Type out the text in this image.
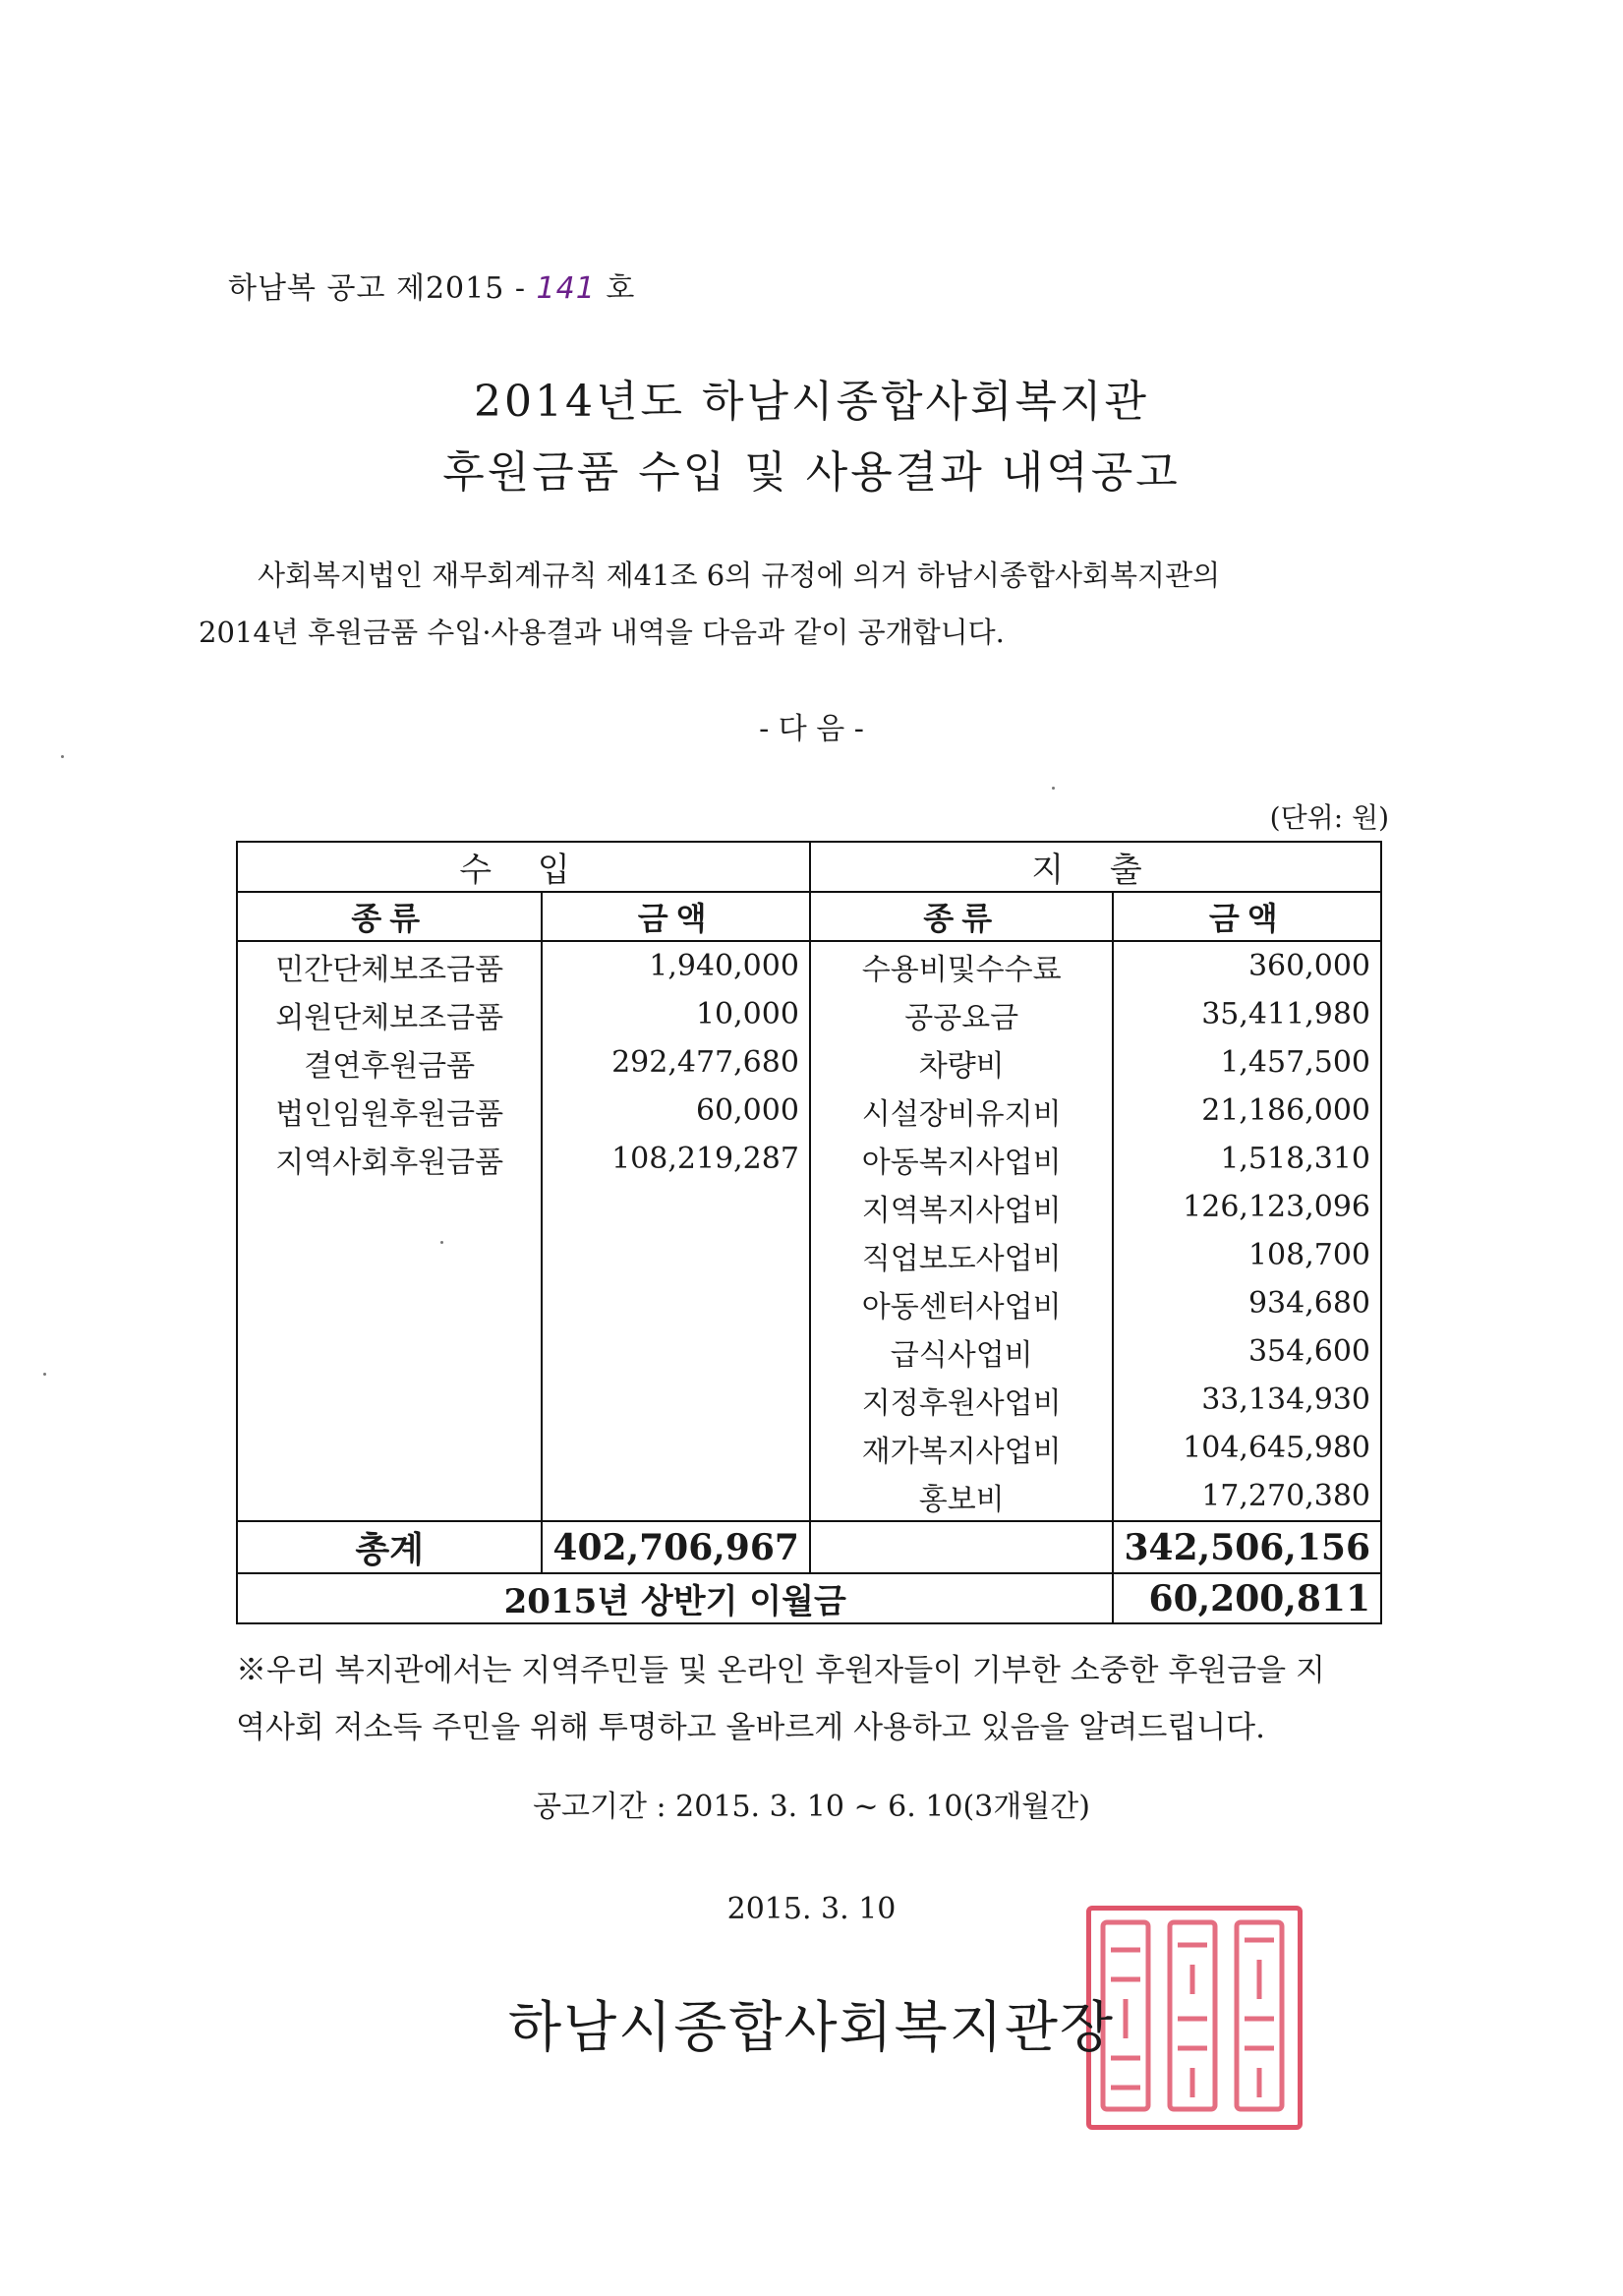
하남복 공고 제2015 - 141 호
2014년도 하남시종합사회복지관
후원금품 수입 및 사용결과 내역공고
사회복지법인 재무회계규칙 제41조 6의 규정에 의거 하남시종합사회복지관의
2014년 후원금품 수입·사용결과 내역을 다음과 같이 공개합니다.
- 다 음 -
(단위: 원)
수 입		지 출	
종류	금액	종류	금액
민간단체보조금품	1,940,000	수용비및수수료	360,000
외원단체보조금품	10,000	공공요금	35,411,980
결연후원금품	292,477,680	차량비	1,457,500
법인임원후원금품	60,000	시설장비유지비	21,186,000
지역사회후원금품	108,219,287	아동복지사업비	1,518,310
		지역복지사업비	126,123,096
		직업보도사업비	108,700
		아동센터사업비	934,680
		급식사업비	354,600
		지정후원사업비	33,134,930
		재가복지사업비	104,645,980
		홍보비	17,270,380
총계	402,706,967		342,506,156
2015년 상반기 이월금			60,200,811
※우리 복지관에서는 지역주민들 및 온라인 후원자들이 기부한 소중한 후원금을 지
역사회 저소득 주민을 위해 투명하고 올바르게 사용하고 있음을 알려드립니다.
공고기간 : 2015. 3. 10 ~ 6. 10(3개월간)
2015. 3. 10
하남시종합사회복지관장
